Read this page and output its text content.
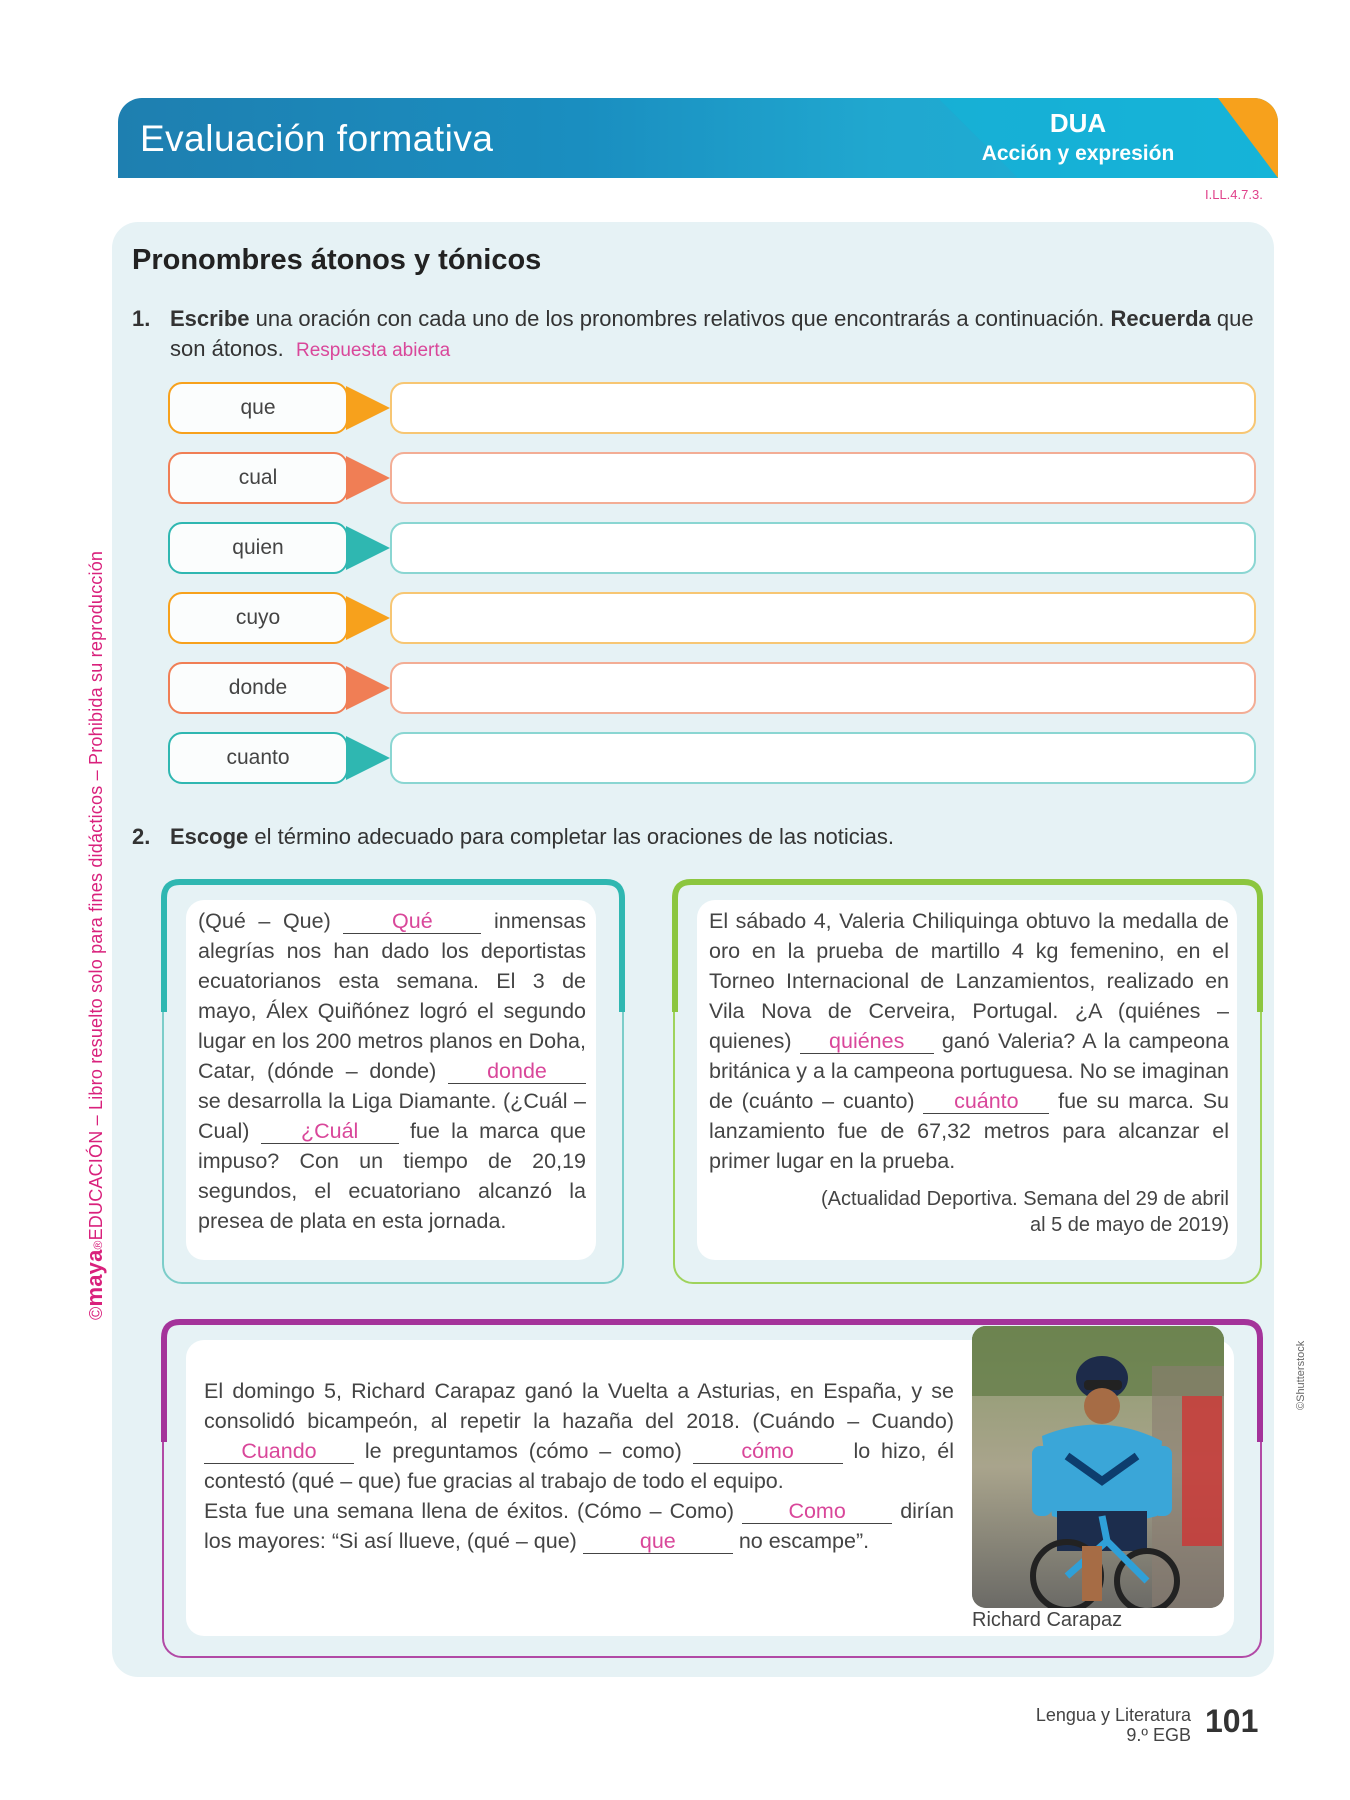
Evaluación formativa	DUA
Acción y expresión
I.LL.4.7.3.
©maya®EDUCACIÓN – Libro resuelto solo para fines didácticos – Prohibida su reproducción
©Shutterstock
Pronombres átonos y tónicos
1. Escribe una oración con cada uno de los pronombres relativos que encontrarás a continuación. Recuerda que son átonos. Respuesta abierta
que
cual
quien
cuyo
donde
cuanto
2. Escoge el término adecuado para completar las oraciones de las noticias.
(Qué – Que)	Qué	inmensas alegrías nos han dado los deportistas ecuatorianos esta semana. El 3 de mayo, Álex Quiñónez logró el segundo lugar en los 200 metros planos en Doha, Catar, (dónde – donde) donde se desarrolla la Liga Diamante. (¿Cuál – Cual) ¿Cuál fue la marca que impuso? Con un tiempo de 20,19 segundos, el ecuatoriano alcanzó la presea de plata en esta jornada.
El sábado 4, Valeria Chiliquinga obtuvo la medalla de oro en la prueba de martillo 4 kg femenino, en el Torneo Internacional de Lanzamientos, realizado en Vila Nova de Cerveira, Portugal. ¿A (quiénes – quienes) quiénes ganó Valeria? A la campeona británica y a la campeona portuguesa. No se imaginan de (cuánto – cuanto) cuánto fue su marca. Su lanzamiento fue de 67,32 metros para alcanzar el primer lugar en la prueba.
(Actualidad Deportiva. Semana del 29 de abril
al 5 de mayo de 2019)
El domingo 5, Richard Carapaz ganó la Vuelta a Asturias, en España, y se consolidó bicampeón, al repetir la hazaña del 2018. (Cuándo – Cuando) Cuando le preguntamos (cómo – como)	cómo	lo hizo, él contestó (qué – que) fue gracias al trabajo de todo el equipo.
Esta fue una semana llena de éxitos. (Cómo – Como)	Como	dirían los mayores: “Si así llueve, (qué – que)	que	no escampe”.
Richard Carapaz
Lengua y Literatura
9.º EGB 101
